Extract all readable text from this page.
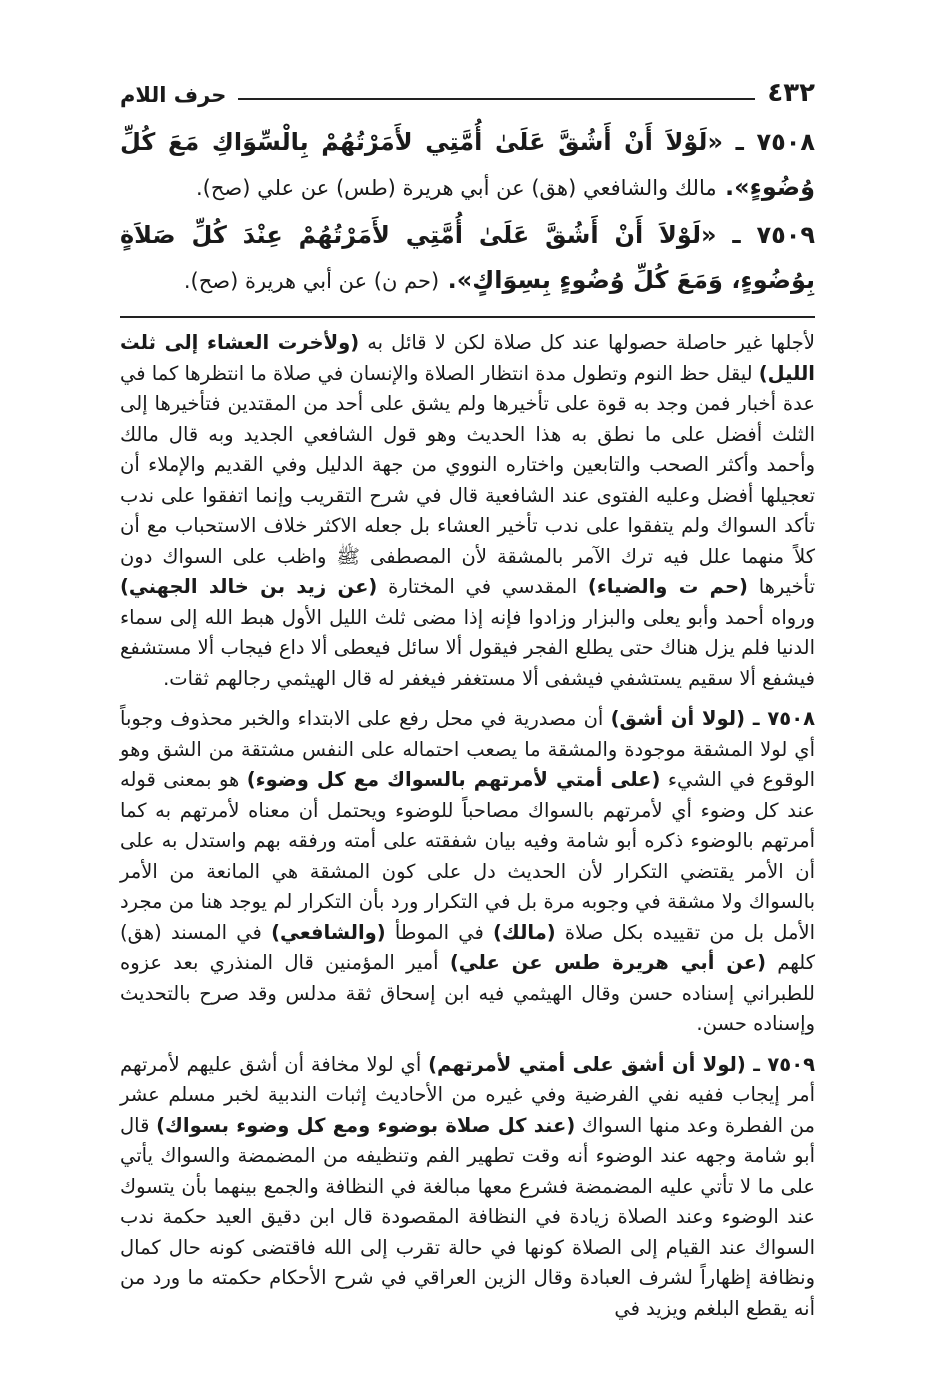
٤٣٢
حرف اللام
٧٥٠٨ ـ «لَوْلاَ أَنْ أَشُقَّ عَلَىٰ أُمَّتِي لأَمَرْتُهُمْ بِالْسِّوَاكِ مَعَ كُلِّ وُضُوءٍ». مالك والشافعي (هق) عن أبي هريرة (طس) عن علي (صح).
٧٥٠٩ ـ «لَوْلاَ أَنْ أَشُقَّ عَلَىٰ أُمَّتِي لأَمَرْتُهُمْ عِنْدَ كُلِّ صَلاَةٍ بِوُضُوءٍ، وَمَعَ كُلِّ وُضُوءٍ بِسِوَاكٍ». (حم ن) عن أبي هريرة (صح).

لأجلها غير حاصلة حصولها عند كل صلاة لكن لا قائل به (ولأخرت العشاء إلى ثلث الليل) ليقل حظ النوم وتطول مدة انتظار الصلاة والإنسان في صلاة ما انتظرها كما في عدة أخبار فمن وجد به قوة على تأخيرها ولم يشق على أحد من المقتدين فتأخيرها إلى الثلث أفضل على ما نطق به هذا الحديث وهو قول الشافعي الجديد وبه قال مالك وأحمد وأكثر الصحب والتابعين واختاره النووي من جهة الدليل وفي القديم والإملاء أن تعجيلها أفضل وعليه الفتوى عند الشافعية قال في شرح التقريب وإنما اتفقوا على ندب تأكد السواك ولم يتفقوا على ندب تأخير العشاء بل جعله الاكثر خلاف الاستحباب مع أن كلاً منهما علل فيه ترك الآمر بالمشقة لأن المصطفى ﷺ واظب على السواك دون تأخيرها (حم ت والضياء) المقدسي في المختارة (عن زيد بن خالد الجهني) ورواه أحمد وأبو يعلى والبزار وزادوا فإنه إذا مضى ثلث الليل الأول هبط الله إلى سماء الدنيا فلم يزل هناك حتى يطلع الفجر فيقول ألا سائل فيعطى ألا داع فيجاب ألا مستشفع فيشفع ألا سقيم يستشفي فيشفى ألا مستغفر فيغفر له قال الهيثمي رجالهم ثقات.

٧٥٠٨ ـ (لولا أن أشق) أن مصدرية في محل رفع على الابتداء والخبر محذوف وجوباً أي لولا المشقة موجودة والمشقة ما يصعب احتماله على النفس مشتقة من الشق وهو الوقوع في الشيء (على أمتي لأمرتهم بالسواك مع كل وضوء) هو بمعنى قوله عند كل وضوء أي لأمرتهم بالسواك مصاحباً للوضوء ويحتمل أن معناه لأمرتهم به كما أمرتهم بالوضوء ذكره أبو شامة وفيه بيان شفقته على أمته ورفقه بهم واستدل به على أن الأمر يقتضي التكرار لأن الحديث دل على كون المشقة هي المانعة من الأمر بالسواك ولا مشقة في وجوبه مرة بل في التكرار ورد بأن التكرار لم يوجد هنا من مجرد الأمل بل من تقييده بكل صلاة (مالك) في الموطأ (والشافعي) في المسند (هق) كلهم (عن أبي هريرة طس عن علي) أمير المؤمنين قال المنذري بعد عزوه للطبراني إسناده حسن وقال الهيثمي فيه ابن إسحاق ثقة مدلس وقد صرح بالتحديث وإسناده حسن.

٧٥٠٩ ـ (لولا أن أشق على أمتي لأمرتهم) أي لولا مخافة أن أشق عليهم لأمرتهم أمر إيجاب ففيه نفي الفرضية وفي غيره من الأحاديث إثبات الندبية لخبر مسلم عشر من الفطرة وعد منها السواك (عند كل صلاة بوضوء ومع كل وضوء بسواك) قال أبو شامة وجهه عند الوضوء أنه وقت تطهير الفم وتنظيفه من المضمضة والسواك يأتي على ما لا تأتي عليه المضمضة فشرع معها مبالغة في النظافة والجمع بينهما بأن يتسوك عند الوضوء وعند الصلاة زيادة في النظافة المقصودة قال ابن دقيق العيد حكمة ندب السواك عند القيام إلى الصلاة كونها في حالة تقرب إلى الله فاقتضى كونه حال كمال ونظافة إظهاراً لشرف العبادة وقال الزين العراقي في شرح الأحكام حكمته ما ورد من أنه يقطع البلغم ويزيد في
